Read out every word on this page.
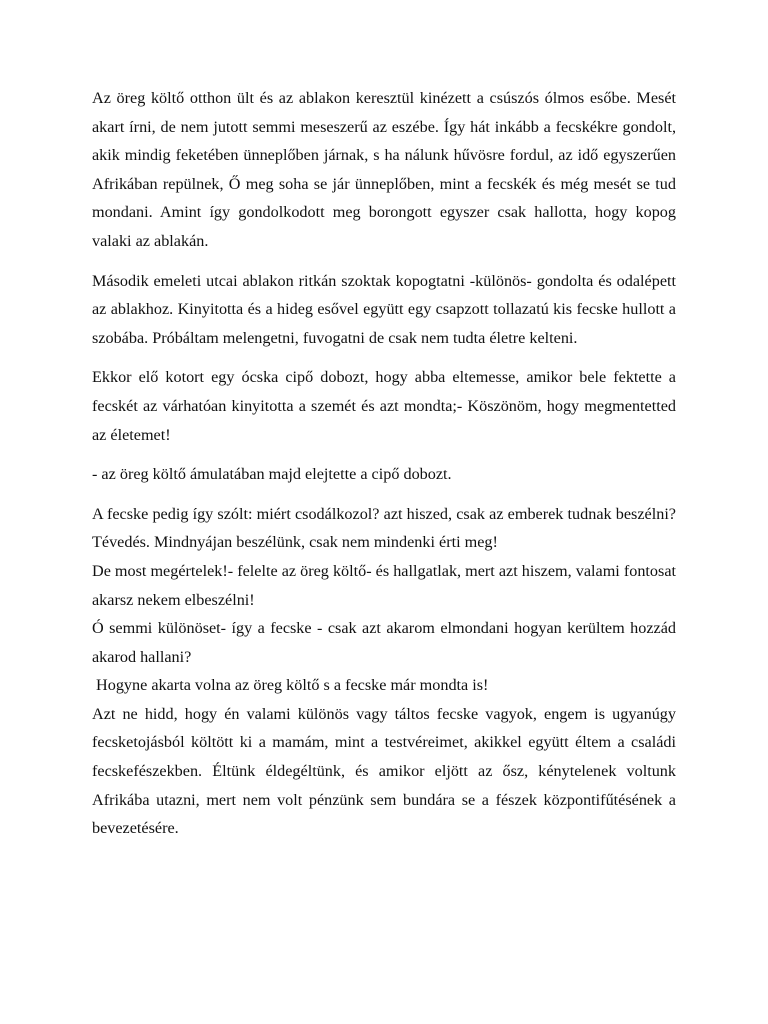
Az öreg költő otthon ült és az ablakon keresztül kinézett a csúszós ólmos esőbe. Mesét akart írni, de nem jutott semmi meseszerű az eszébe. Így hát inkább a fecskékre gondolt, akik mindig feketében ünneplőben járnak, s ha nálunk hűvösre fordul, az idő egyszerűen Afrikában repülnek, Ő meg soha se jár ünneplőben, mint a fecskék és még mesét se tud mondani. Amint így gondolkodott meg borongott egyszer csak hallotta, hogy kopog valaki az ablakán.

Második emeleti utcai ablakon ritkán szoktak kopogtatni -különös- gondolta és odalépett az ablakhoz. Kinyitotta és a hideg esővel együtt egy csapzott tollazatú kis fecske hullott a szobába. Próbáltam melengetni, fuvogatni de csak nem tudta életre kelteni.

Ekkor elő kotort egy ócska cipő dobozt, hogy abba eltemesse, amikor bele fektette a fecskét az várhatóan kinyitotta a szemét és azt mondta;- Köszönöm, hogy megmentetted az életemet!

- az öreg költő ámulatában majd elejtette a cipő dobozt.

A fecske pedig így szólt: miért csodálkozol? azt hiszed, csak az emberek tudnak beszélni? Tévedés. Mindnyájan beszélünk, csak nem mindenki érti meg!

De most megértelek!- felelte az öreg költő- és hallgatlak, mert azt hiszem, valami fontosat akarsz nekem elbeszélni!

Ó semmi különöset- így a fecske - csak azt akarom elmondani hogyan kerültem hozzád akarod hallani?

Hogyne akarta volna az öreg költő s a fecske már mondta is!

Azt ne hidd, hogy én valami különös vagy táltos fecske vagyok, engem is ugyanúgy fecsketojásból költött ki a mamám, mint a testvéreimet, akikkel együtt éltem a családi fecskefészekben. Éltünk éldegéltünk, és amikor eljött az ősz, kénytelenek voltunk Afrikába utazni, mert nem volt pénzünk sem bundára se a fészek központifűtésének a bevezetésére.
